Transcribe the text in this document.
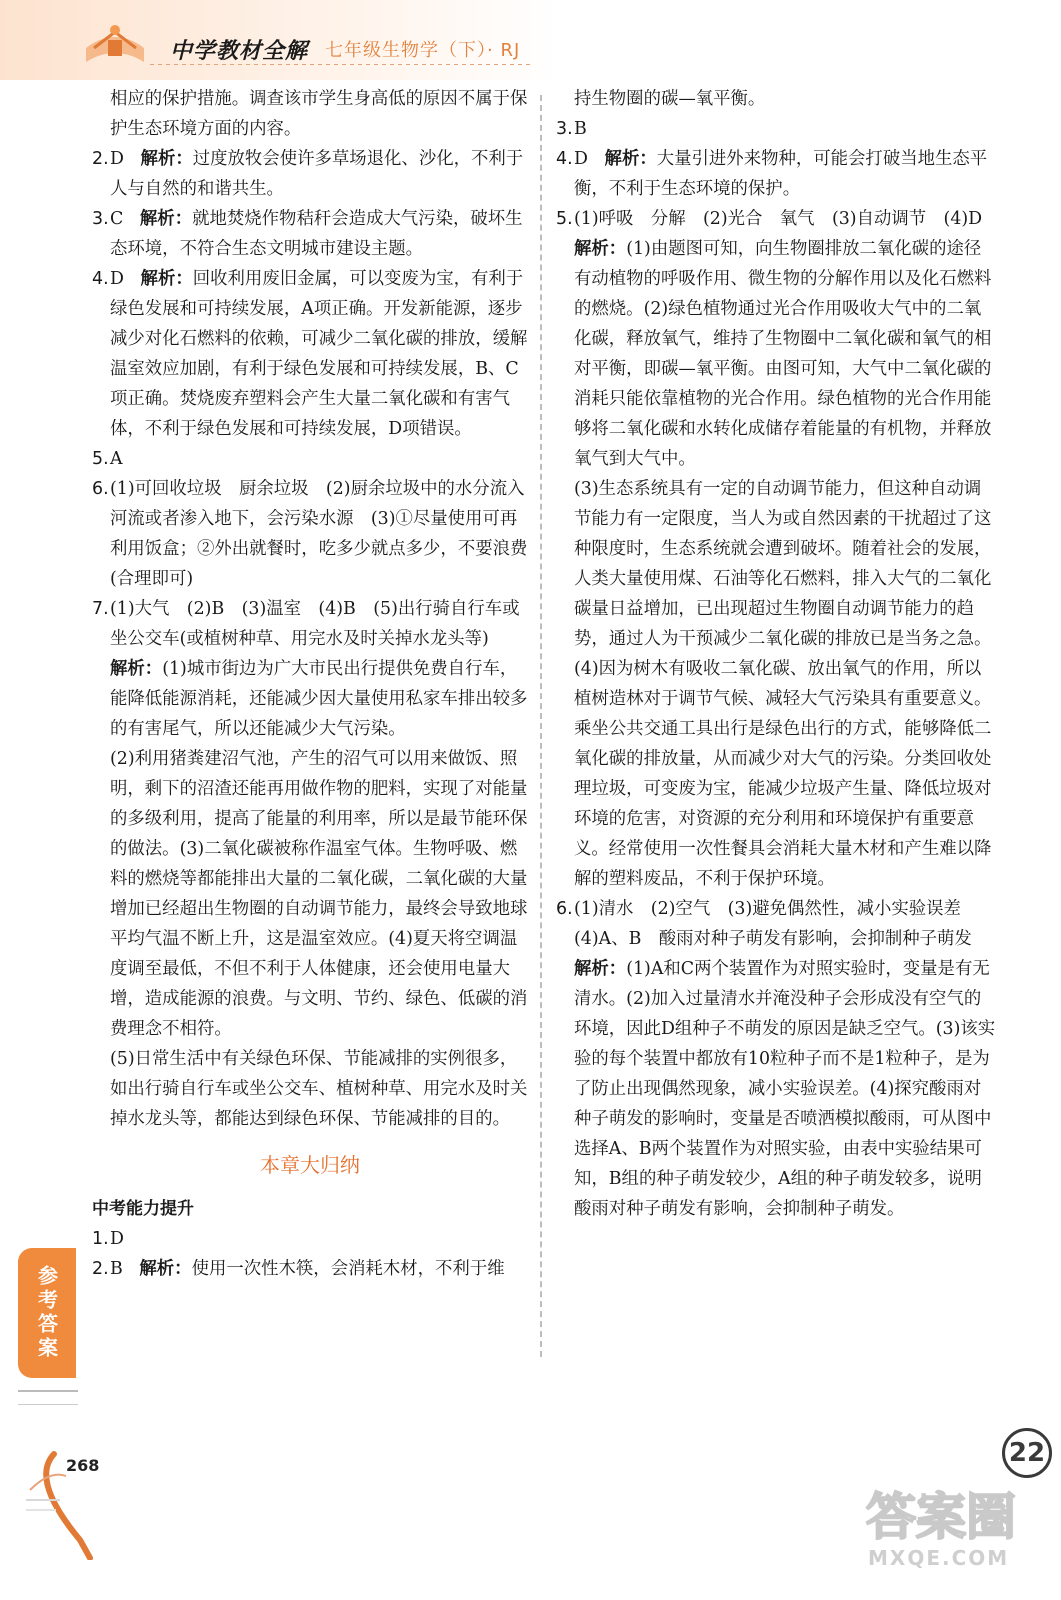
中学教材全解 七年级生物学（下）· RJ

相应的保护措施。调查该市学生身高低的原因不属于保护生态环境方面的内容。

2. D 解析：过度放牧会使许多草场退化、沙化，不利于人与自然的和谐共生。
3. C 解析：就地焚烧作物秸秆会造成大气污染，破坏生态环境，不符合生态文明城市建设主题。
4. D 解析：回收利用废旧金属，可以变废为宝，有利于绿色发展和可持续发展，A项正确。开发新能源，逐步减少对化石燃料的依赖，可减少二氧化碳的排放，缓解温室效应加剧，有利于绿色发展和可持续发展，B、C项正确。焚烧废弃塑料会产生大量二氧化碳和有害气体，不利于绿色发展和可持续发展，D项错误。
5. A
6. (1)可回收垃圾　厨余垃圾　(2)厨余垃圾中的水分流入河流或者渗入地下，会污染水源　(3)①尽量使用可再利用饭盒；②外出就餐时，吃多少就点多少，不要浪费(合理即可)
7. (1)大气　(2)B　(3)温室　(4)B　(5)出行骑自行车或坐公交车(或植树种草、用完水及时关掉水龙头等)

解析：(1)城市街边为广大市民出行提供免费自行车，能降低能源消耗，还能减少因大量使用私家车排出较多的有害尾气，所以还能减少大气污染。

(2)利用猪粪建沼气池，产生的沼气可以用来做饭、照明，剩下的沼渣还能再用做作物的肥料，实现了对能量的多级利用，提高了能量的利用率，所以是最节能环保的做法。(3)二氧化碳被称作温室气体。生物呼吸、燃料的燃烧等都能排出大量的二氧化碳，二氧化碳的大量增加已经超出生物圈的自动调节能力，最终会导致地球平均气温不断上升，这是温室效应。(4)夏天将空调温度调至最低，不但不利于人体健康，还会使用电量大增，造成能源的浪费。与文明、节约、绿色、低碳的消费理念不相符。

(5)日常生活中有关绿色环保、节能减排的实例很多，如出行骑自行车或坐公交车、植树种草、用完水及时关掉水龙头等，都能达到绿色环保、节能减排的目的。

本章大归纳
中考能力提升
1. D
2. B 解析：使用一次性木筷，会消耗木材，不利于维

持生物圈的碳—氧平衡。

3. B
4. D 解析：大量引进外来物种，可能会打破当地生态平衡，不利于生态环境的保护。
5. (1)呼吸　分解　(2)光合　氧气　(3)自动调节　(4)D

解析：(1)由题图可知，向生物圈排放二氧化碳的途径有动植物的呼吸作用、微生物的分解作用以及化石燃料的燃烧。(2)绿色植物通过光合作用吸收大气中的二氧化碳，释放氧气，维持了生物圈中二氧化碳和氧气的相对平衡，即碳—氧平衡。由图可知，大气中二氧化碳的消耗只能依靠植物的光合作用。绿色植物的光合作用能够将二氧化碳和水转化成储存着能量的有机物，并释放氧气到大气中。

(3)生态系统具有一定的自动调节能力，但这种自动调节能力有一定限度，当人为或自然因素的干扰超过了这种限度时，生态系统就会遭到破坏。随着社会的发展，人类大量使用煤、石油等化石燃料，排入大气的二氧化碳量日益增加，已出现超过生物圈自动调节能力的趋势，通过人为干预减少二氧化碳的排放已是当务之急。(4)因为树木有吸收二氧化碳、放出氧气的作用，所以植树造林对于调节气候、减轻大气污染具有重要意义。乘坐公共交通工具出行是绿色出行的方式，能够降低二氧化碳的排放量，从而减少对大气的污染。分类回收处理垃圾，可变废为宝，能减少垃圾产生量、降低垃圾对环境的危害，对资源的充分利用和环境保护有重要意义。经常使用一次性餐具会消耗大量木材和产生难以降解的塑料废品，不利于保护环境。

6. (1)清水　(2)空气　(3)避免偶然性，减小实验误差　(4)A、B　酸雨对种子萌发有影响，会抑制种子萌发

解析：(1)A和C两个装置作为对照实验时，变量是有无清水。(2)加入过量清水并淹没种子会形成没有空气的环境，因此D组种子不萌发的原因是缺乏空气。(3)该实验的每个装置中都放有10粒种子而不是1粒种子，是为了防止出现偶然现象，减小实验误差。(4)探究酸雨对种子萌发的影响时，变量是否喷洒模拟酸雨，可从图中选择A、B两个装置作为对照实验，由表中实验结果可知，B组的种子萌发较少，A组的种子萌发较多，说明酸雨对种子萌发有影响，会抑制种子萌发。

参考答案
268	22
答案圈
MXQE.COM
